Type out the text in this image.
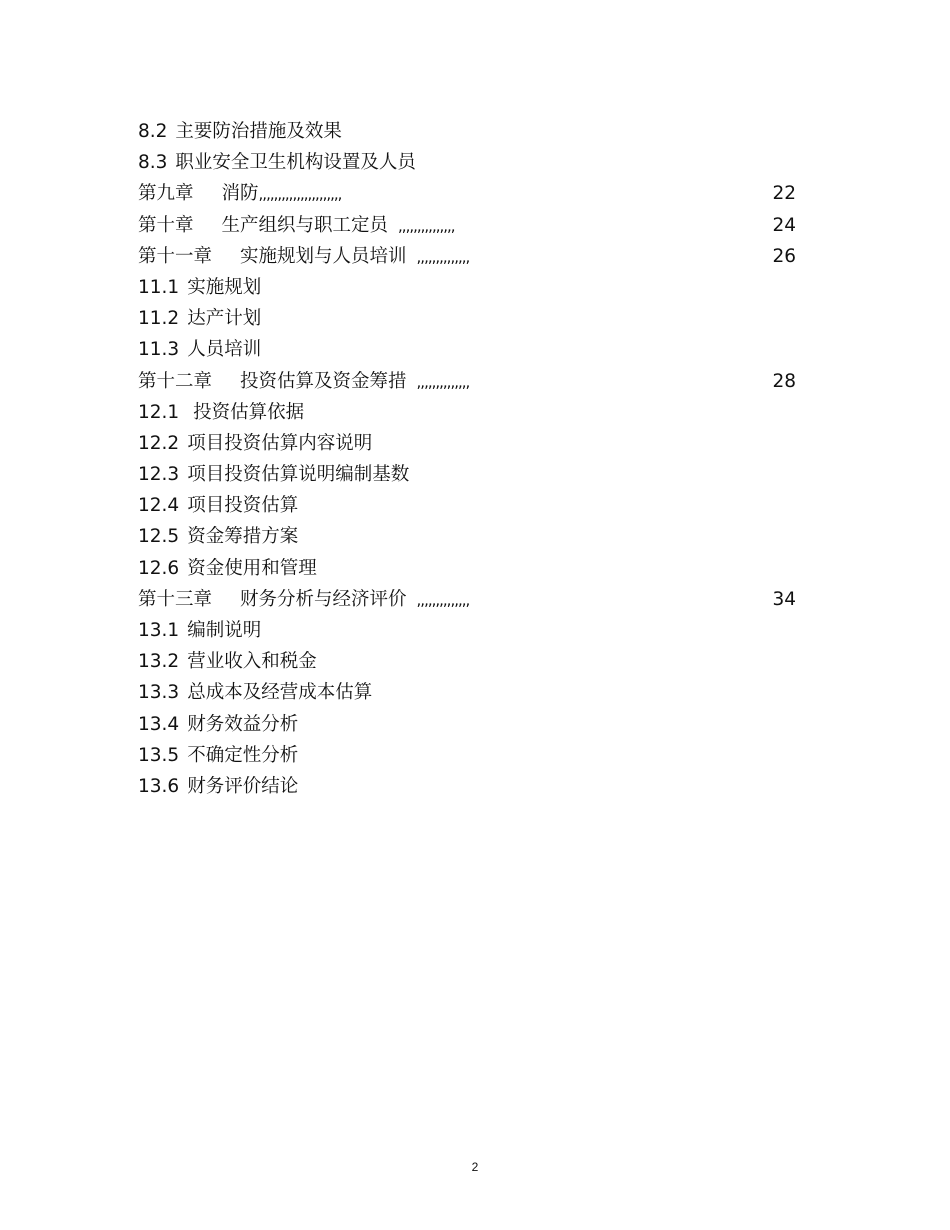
8.2 主要防治措施及效果
8.3 职业安全卫生机构设置及人员
第九章 消防,,,,,,,,,,,,,,,,,,,,,,	22
第十章 生产组织与职工定员 ,,,,,,,,,,,,,,,	24
第十一章 实施规划与人员培训 ,,,,,,,,,,,,,,	26
11.1 实施规划
11.2 达产计划
11.3 人员培训
第十二章 投资估算及资金筹措 ,,,,,,,,,,,,,,	28
12.1 投资估算依据
12.2 项目投资估算内容说明
12.3 项目投资估算说明编制基数
12.4 项目投资估算
12.5 资金筹措方案
12.6 资金使用和管理
第十三章 财务分析与经济评价 ,,,,,,,,,,,,,,	34
13.1 编制说明
13.2 营业收入和税金
13.3 总成本及经营成本估算
13.4 财务效益分析
13.5 不确定性分析
13.6 财务评价结论
2
